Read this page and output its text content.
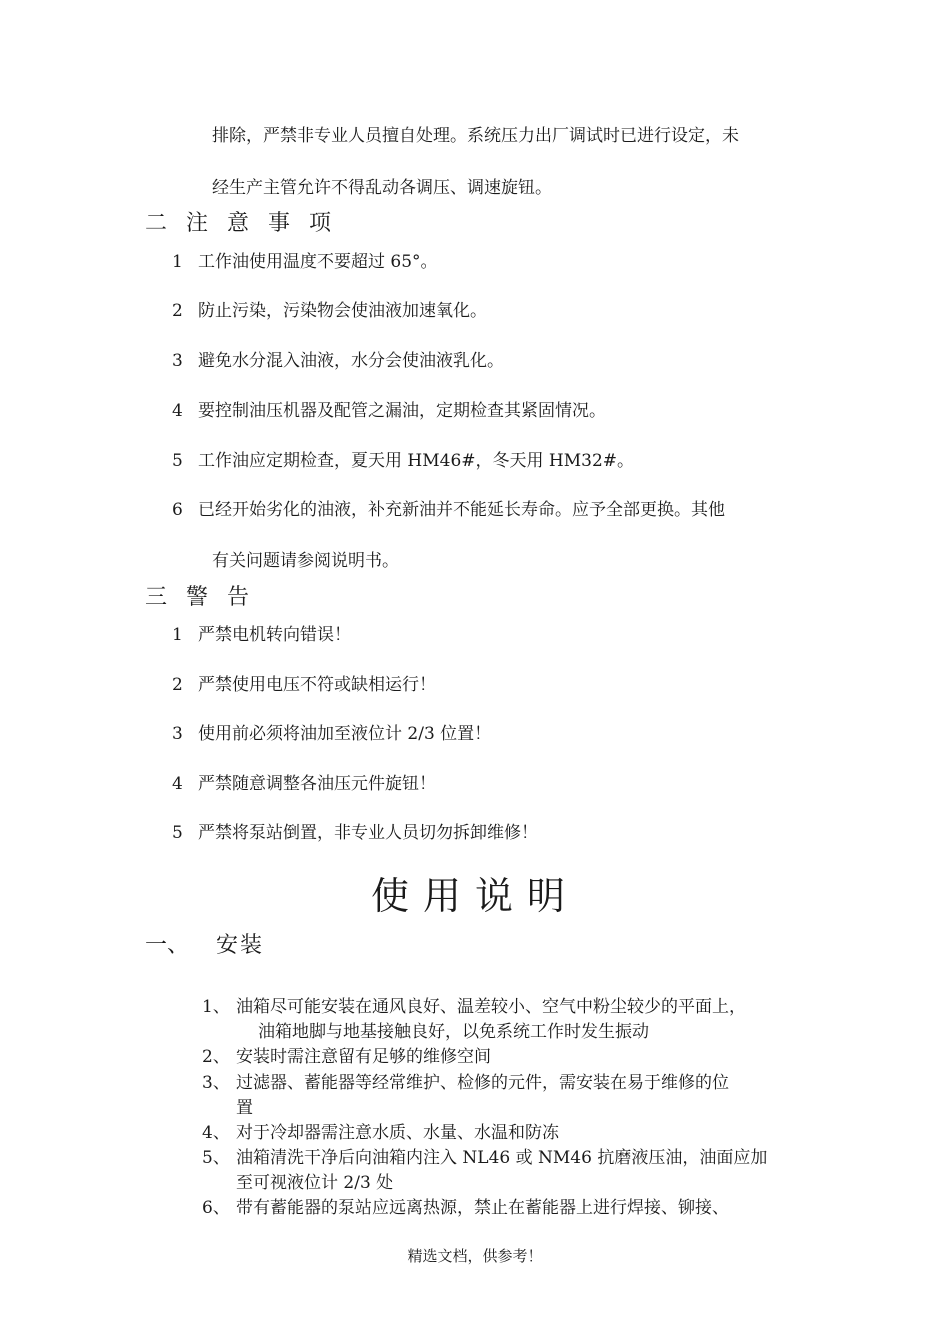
排除，严禁非专业人员擅自处理。系统压力出厂调试时已进行设定，未
经生产主管允许不得乱动各调压、调速旋钮。
二 注 意 事 项
1 工作油使用温度不要超过 65°。
2 防止污染，污染物会使油液加速氧化。
3 避免水分混入油液，水分会使油液乳化。
4 要控制油压机器及配管之漏油，定期检查其紧固情况。
5 工作油应定期检查，夏天用 HM46#，冬天用 HM32#。
6 已经开始劣化的油液，补充新油并不能延长寿命。应予全部更换。其他
有关问题请参阅说明书。
三 警 告
1 严禁电机转向错误！
2 严禁使用电压不符或缺相运行！
3 使用前必须将油加至液位计 2/3 位置！
4 严禁随意调整各油压元件旋钮！
5 严禁将泵站倒置，非专业人员切勿拆卸维修！
使用说明
一、 安装
1、 油箱尽可能安装在通风良好、温差较小、空气中粉尘较少的平面上，
油箱地脚与地基接触良好，以免系统工作时发生振动
2、 安装时需注意留有足够的维修空间
3、 过滤器、蓄能器等经常维护、检修的元件，需安装在易于维修的位
置
4、 对于冷却器需注意水质、水量、水温和防冻
5、 油箱清洗干净后向油箱内注入 NL46 或 NM46 抗磨液压油，油面应加
至可视液位计 2/3 处
6、 带有蓄能器的泵站应远离热源，禁止在蓄能器上进行焊接、铆接、
精选文档，供参考！
